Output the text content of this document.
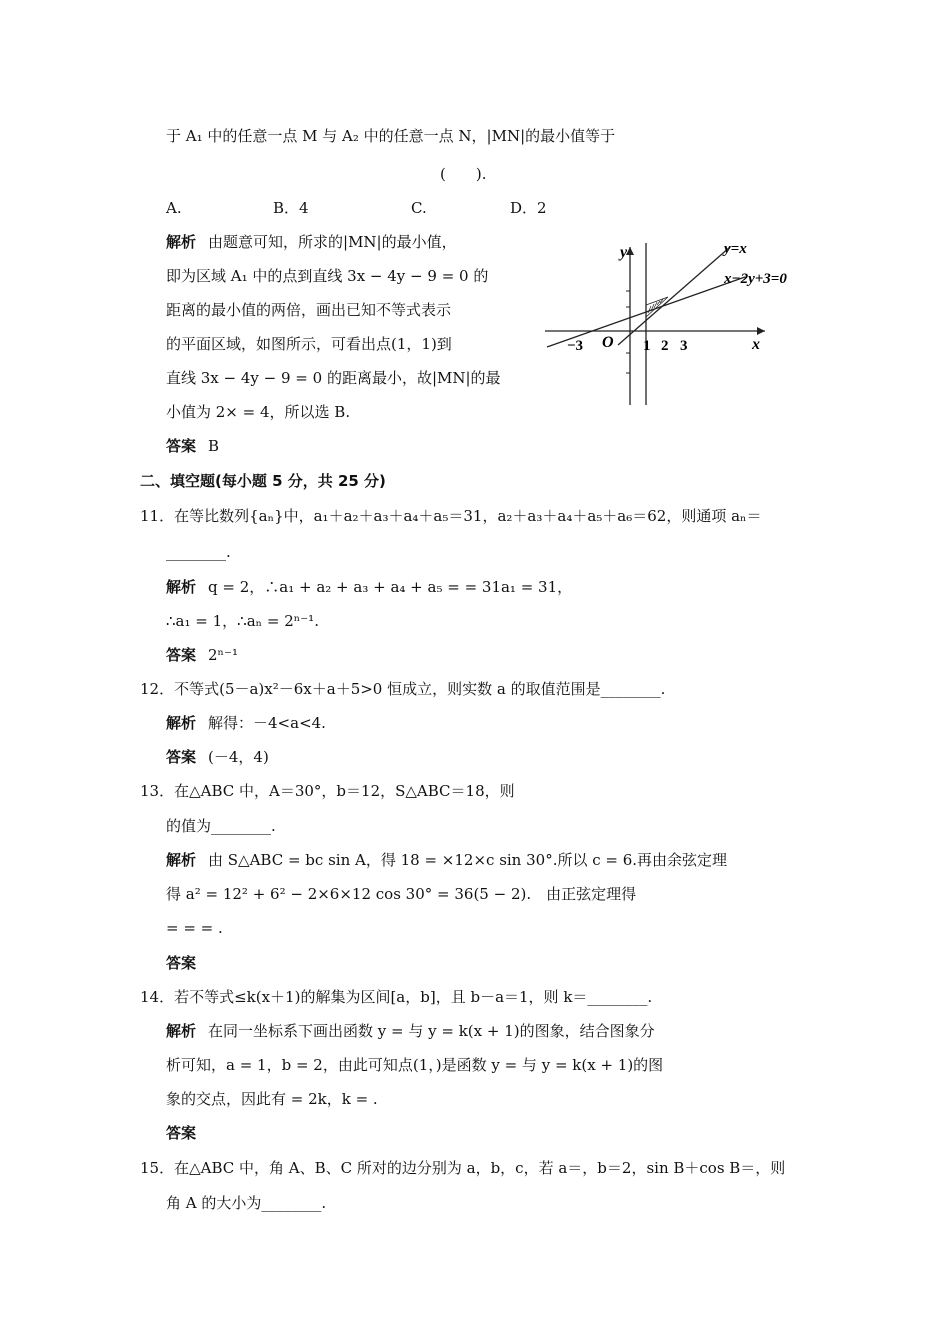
于 A₁ 中的任意一点 M 与 A₂ 中的任意一点 N，|MN|的最小值等于
(　　).
A.	B．4	C.	D．2
解析 由题意可知，所求的|MN|的最小值，
即为区域 A₁ 中的点到直线 3x − 4y − 9 = 0 的
距离的最小值的两倍，画出已知不等式表示
的平面区域，如图所示，可看出点(1，1)到
直线 3x − 4y − 9 = 0 的距离最小，故|MN|的最
小值为 2× = 4，所以选 B.
答案 B
y
x
O
−3	1 2 3
y=x
x−2y+3=0
二、填空题(每小题 5 分，共 25 分)
11．在等比数列{aₙ}中，a₁＋a₂＋a₃＋a₄＋a₅＝31，a₂＋a₃＋a₄＋a₅＋a₆＝62，则通项 aₙ＝
________.
解析 q = 2，∴a₁ + a₂ + a₃ + a₄ + a₅ = = 31a₁ = 31，
∴a₁ = 1，∴aₙ = 2ⁿ⁻¹.
答案 2ⁿ⁻¹
12．不等式(5－a)x²－6x＋a＋5>0 恒成立，则实数 a 的取值范围是________.
解析 解得：－4<a<4.
答案 (－4，4)
13．在△ABC 中，A＝30°，b＝12，S△ABC＝18，则
的值为________.
解析 由 S△ABC = bc sin A，得 18 = ×12×c sin 30°.所以 c = 6.再由余弦定理
得 a² = 12² + 6² − 2×6×12 cos 30° = 36(5 − 2).　由正弦定理得
= = = .
答案
14．若不等式≤k(x＋1)的解集为区间[a，b]，且 b－a＝1，则 k＝________.
解析 在同一坐标系下画出函数 y = 与 y = k(x + 1)的图象，结合图象分
析可知，a = 1，b = 2，由此可知点(1，)是函数 y = 与 y = k(x + 1)的图
象的交点，因此有 = 2k，k = .
答案
15．在△ABC 中，角 A、B、C 所对的边分别为 a，b，c，若 a＝，b＝2，sin B＋cos B＝，则
角 A 的大小为________.
